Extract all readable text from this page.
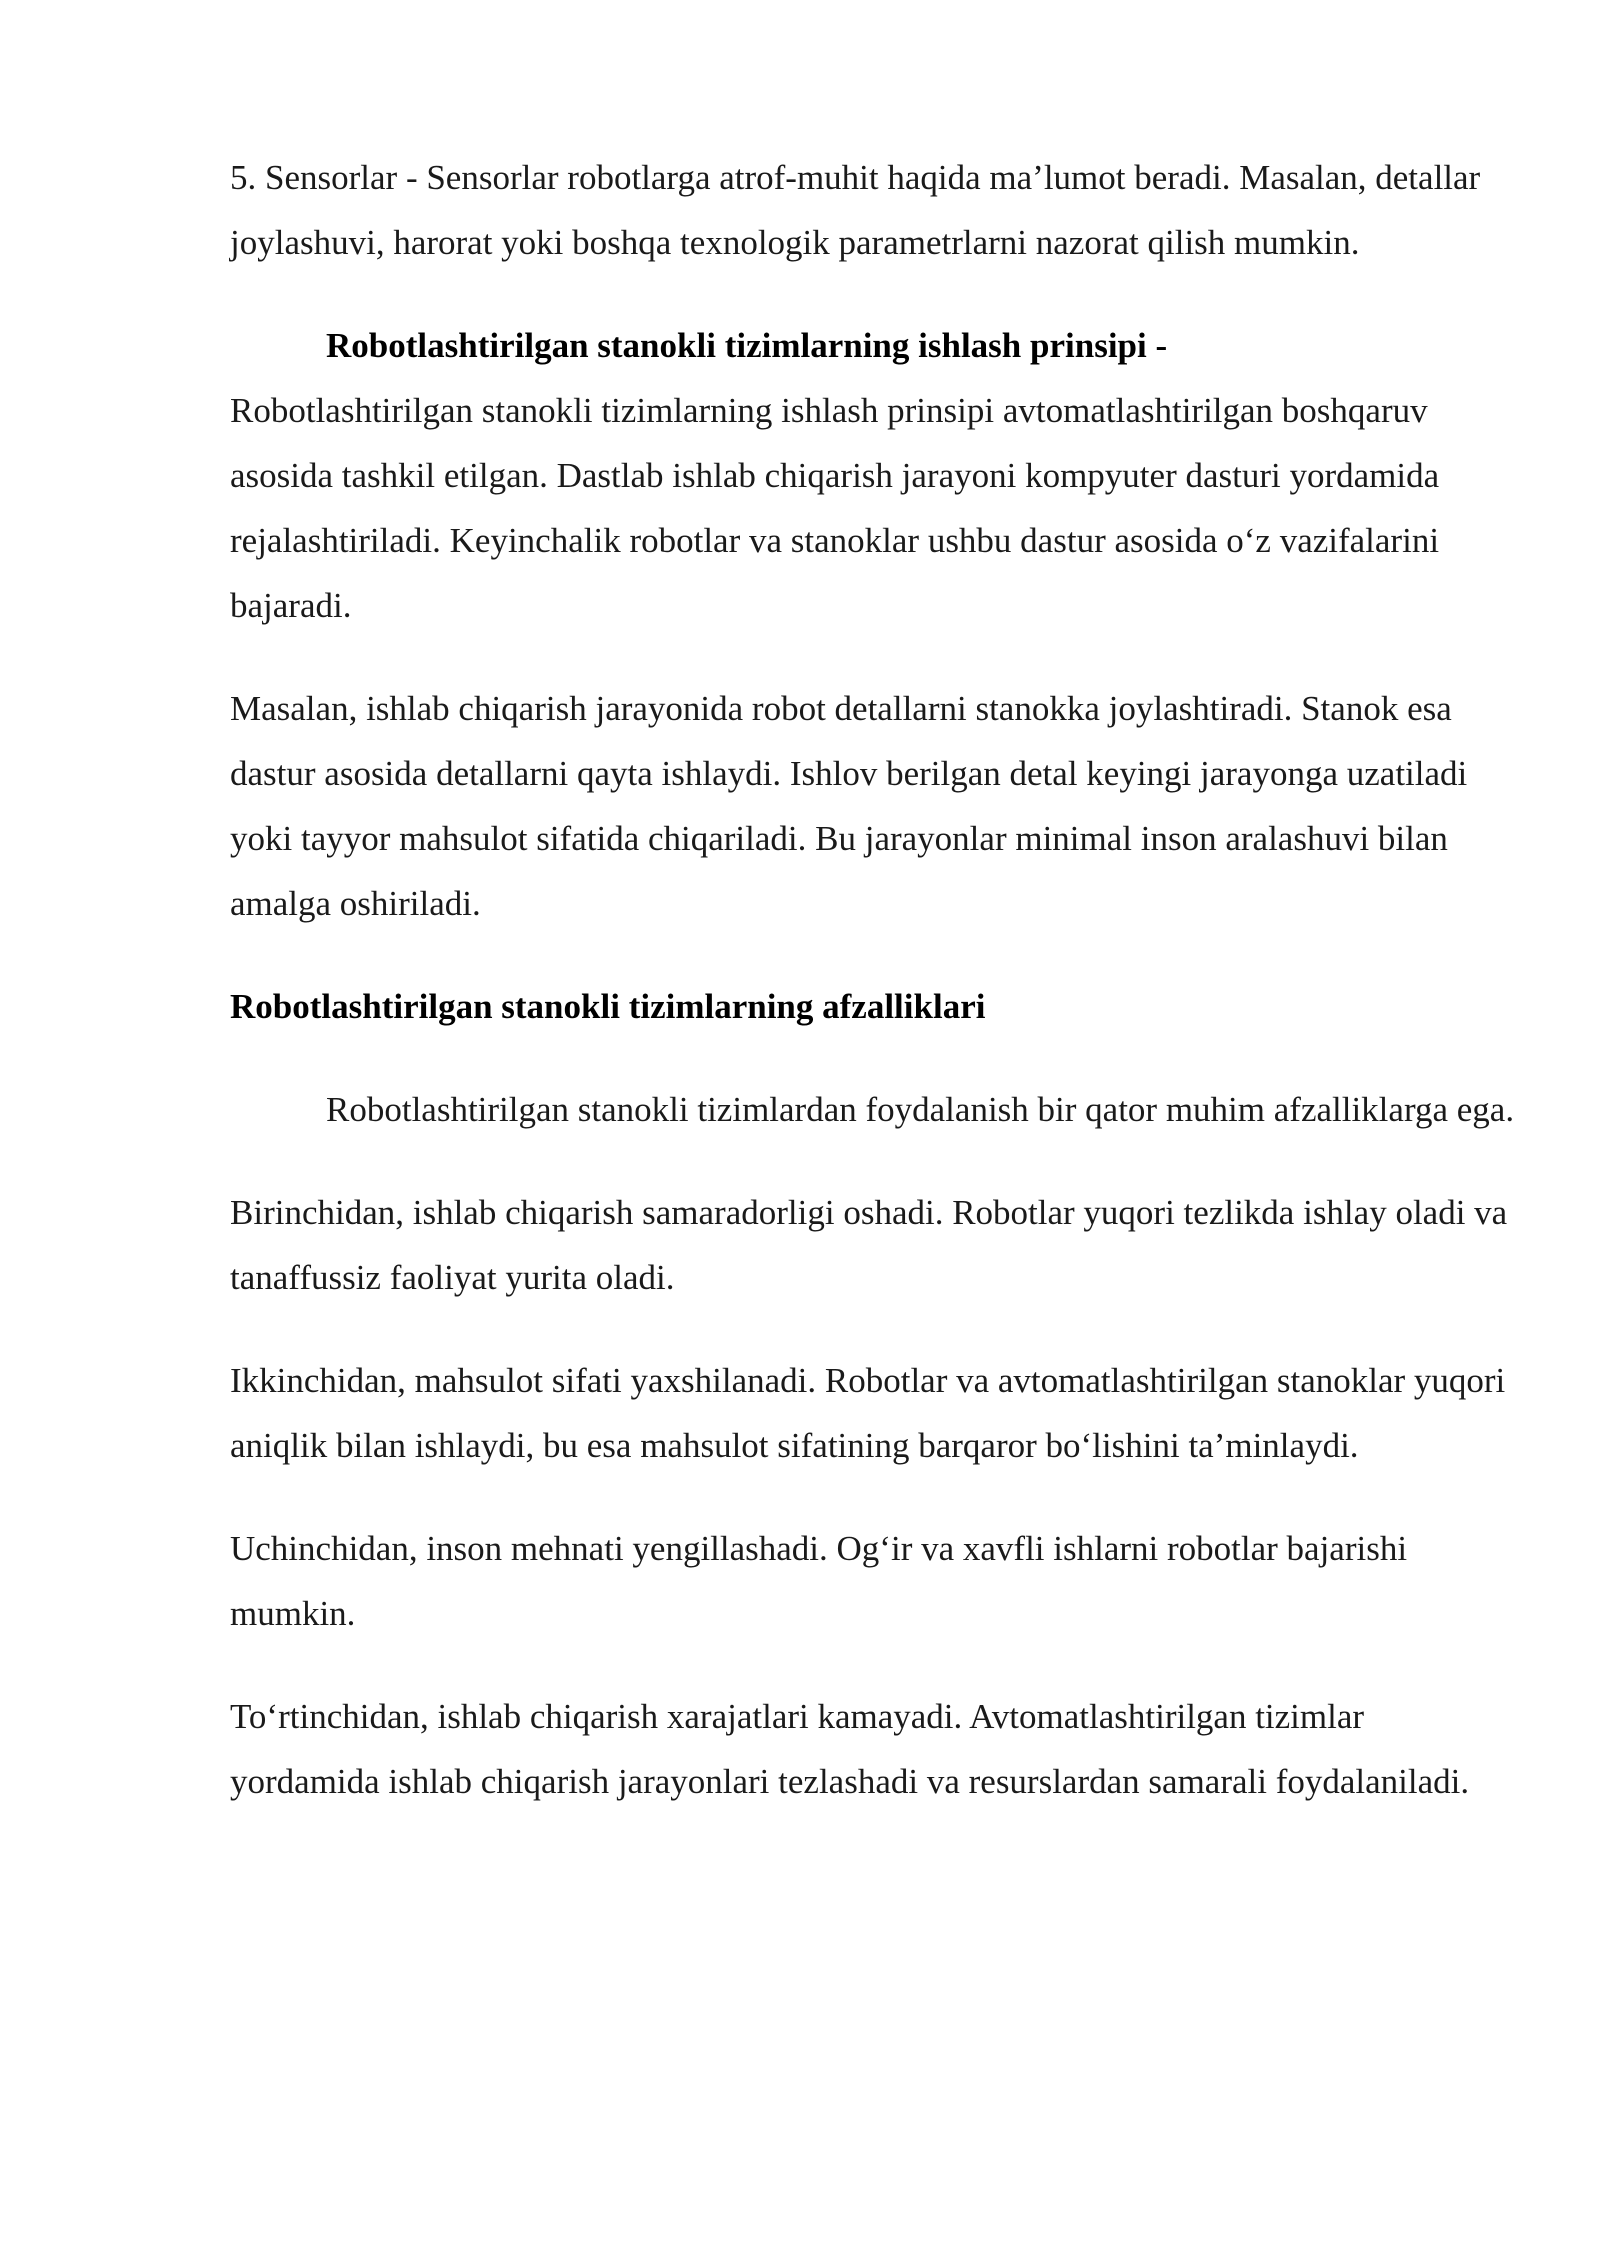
5. Sensorlar - Sensorlar robotlarga atrof-muhit haqida ma’lumot beradi. Masalan, detallar joylashuvi, harorat yoki boshqa texnologik parametrlarni nazorat qilish mumkin.

Robotlashtirilgan stanokli tizimlarning ishlash prinsipi -

Robotlashtirilgan stanokli tizimlarning ishlash prinsipi avtomatlashtirilgan boshqaruv asosida tashkil etilgan. Dastlab ishlab chiqarish jarayoni kompyuter dasturi yordamida rejalashtiriladi. Keyinchalik robotlar va stanoklar ushbu dastur asosida o‘z vazifalarini bajaradi.

Masalan, ishlab chiqarish jarayonida robot detallarni stanokka joylashtiradi. Stanok esa dastur asosida detallarni qayta ishlaydi. Ishlov berilgan detal keyingi jarayonga uzatiladi yoki tayyor mahsulot sifatida chiqariladi. Bu jarayonlar minimal inson aralashuvi bilan amalga oshiriladi.

Robotlashtirilgan stanokli tizimlarning afzalliklari

Robotlashtirilgan stanokli tizimlardan foydalanish bir qator muhim afzalliklarga ega.

Birinchidan, ishlab chiqarish samaradorligi oshadi. Robotlar yuqori tezlikda ishlay oladi va tanaffussiz faoliyat yurita oladi.

Ikkinchidan, mahsulot sifati yaxshilanadi. Robotlar va avtomatlashtirilgan stanoklar yuqori aniqlik bilan ishlaydi, bu esa mahsulot sifatining barqaror bo‘lishini ta’minlaydi.

Uchinchidan, inson mehnati yengillashadi. Og‘ir va xavfli ishlarni robotlar bajarishi mumkin.

To‘rtinchidan, ishlab chiqarish xarajatlari kamayadi. Avtomatlashtirilgan tizimlar yordamida ishlab chiqarish jarayonlari tezlashadi va resurslardan samarali foydalaniladi.
